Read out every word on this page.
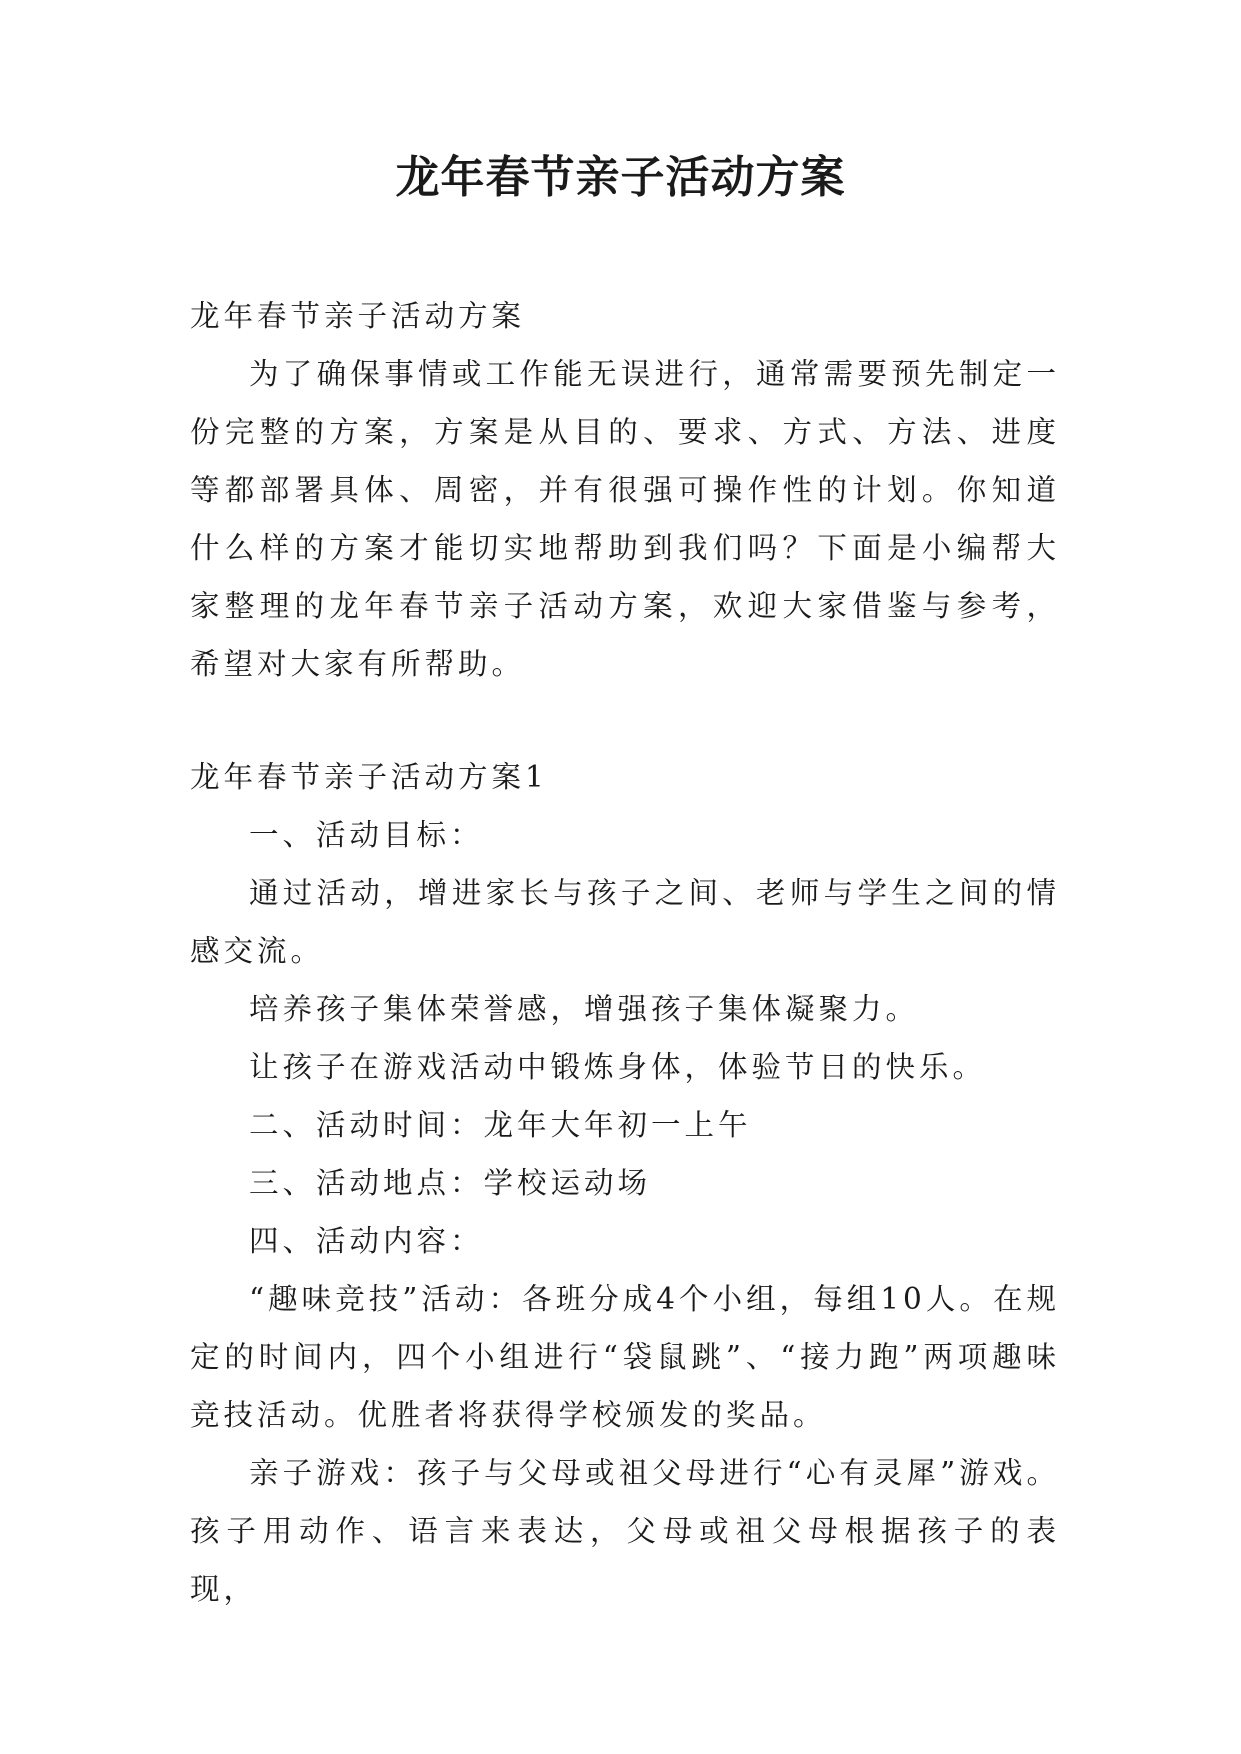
龙年春节亲子活动方案

龙年春节亲子活动方案

为了确保事情或工作能无误进行，通常需要预先制定一份完整的方案，方案是从目的、要求、方式、方法、进度等都部署具体、周密，并有很强可操作性的计划。你知道什么样的方案才能切实地帮助到我们吗？下面是小编帮大家整理的龙年春节亲子活动方案，欢迎大家借鉴与参考，希望对大家有所帮助。

龙年春节亲子活动方案1

一、活动目标：

通过活动，增进家长与孩子之间、老师与学生之间的情感交流。

培养孩子集体荣誉感，增强孩子集体凝聚力。

让孩子在游戏活动中锻炼身体，体验节日的快乐。

二、活动时间：龙年大年初一上午

三、活动地点：学校运动场

四、活动内容：

“趣味竞技”活动：各班分成4个小组，每组10人。在规定的时间内，四个小组进行“袋鼠跳”、“接力跑”两项趣味竞技活动。优胜者将获得学校颁发的奖品。

亲子游戏：孩子与父母或祖父母进行“心有灵犀”游戏。孩子用动作、语言来表达，父母或祖父母根据孩子的表现，
